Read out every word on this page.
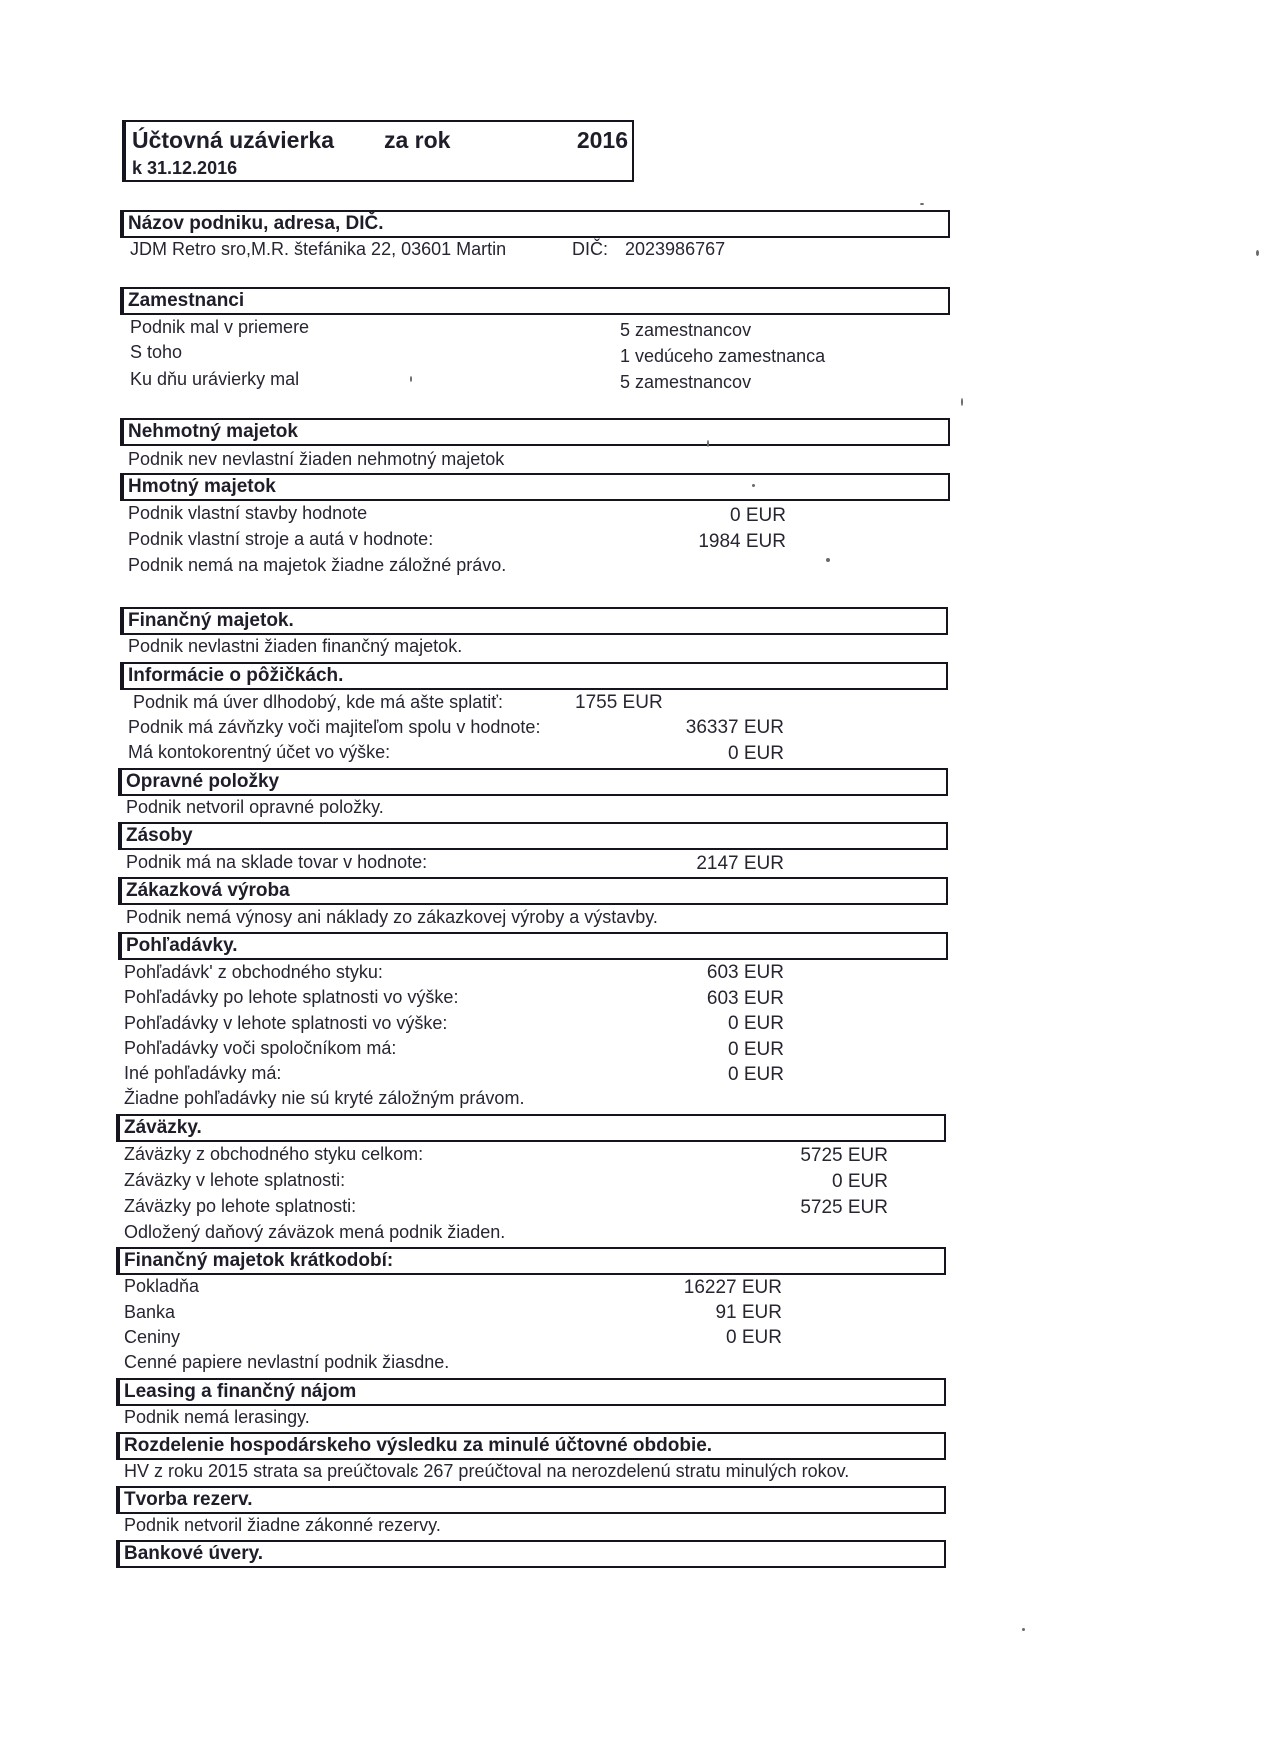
Účtovná uzávierka za rok	2016
k 31.12.2016
Názov podniku, adresa, DIČ.
JDM Retro sro,M.R. štefánika 22, 03601 Martin	DIČ: 2023986767
Zamestnanci
Podnik mal v priemere	5 zamestnancov
S toho	1 vedúceho zamestnanca
Ku dňu urávierky mal	5 zamestnancov
Nehmotný majetok
Podnik nev nevlastní žiaden nehmotný majetok
Hmotný majetok
Podnik vlastní stavby hodnote	0 EUR
Podnik vlastní stroje a autá v hodnote:	1984 EUR
Podnik nemá na majetok žiadne záložné právo.
Finančný majetok.
Podnik nevlastni žiaden finančný majetok.
Informácie o pôžičkách.
Podnik má úver dlhodobý, kde má ašte splatiť:	1755 EUR
Podnik má závňzky voči majiteľom spolu v hodnote:	36337 EUR
Má kontokorentný účet vo výške:	0 EUR
Opravné položky
Podnik netvoril opravné položky.
Zásoby
Podnik má na sklade tovar v hodnote:	2147 EUR
Zákazková výroba
Podnik nemá výnosy ani náklady zo zákazkovej výroby a výstavby.
Pohľadávky.
Pohľadávk' z obchodného styku:	603 EUR
Pohľadávky po lehote splatnosti vo výške:	603 EUR
Pohľadávky v lehote splatnosti vo výške:	0 EUR
Pohľadávky voči spoločníkom má:	0 EUR
Iné pohľadávky má:	0 EUR
Žiadne pohľadávky nie sú kryté záložným právom.
Záväzky.
Záväzky z obchodného styku celkom:	5725 EUR
Záväzky v lehote splatnosti:	0 EUR
Záväzky po lehote splatnosti:	5725 EUR
Odložený daňový záväzok mená podnik žiaden.
Finančný majetok krátkodobí:
Pokladňa	16227 EUR
Banka	91 EUR
Ceniny	0 EUR
Cenné papiere nevlastní podnik žiasdne.
Leasing a finančný nájom
Podnik nemá lerasingy.
Rozdelenie hospodárskeho výsledku za minulé účtovné obdobie.
HV z roku 2015 strata sa preúčtovalɛ 267 preúčtoval na nerozdelenú stratu minulých rokov.
Tvorba rezerv.
Podnik netvoril žiadne zákonné rezervy.
Bankové úvery.
